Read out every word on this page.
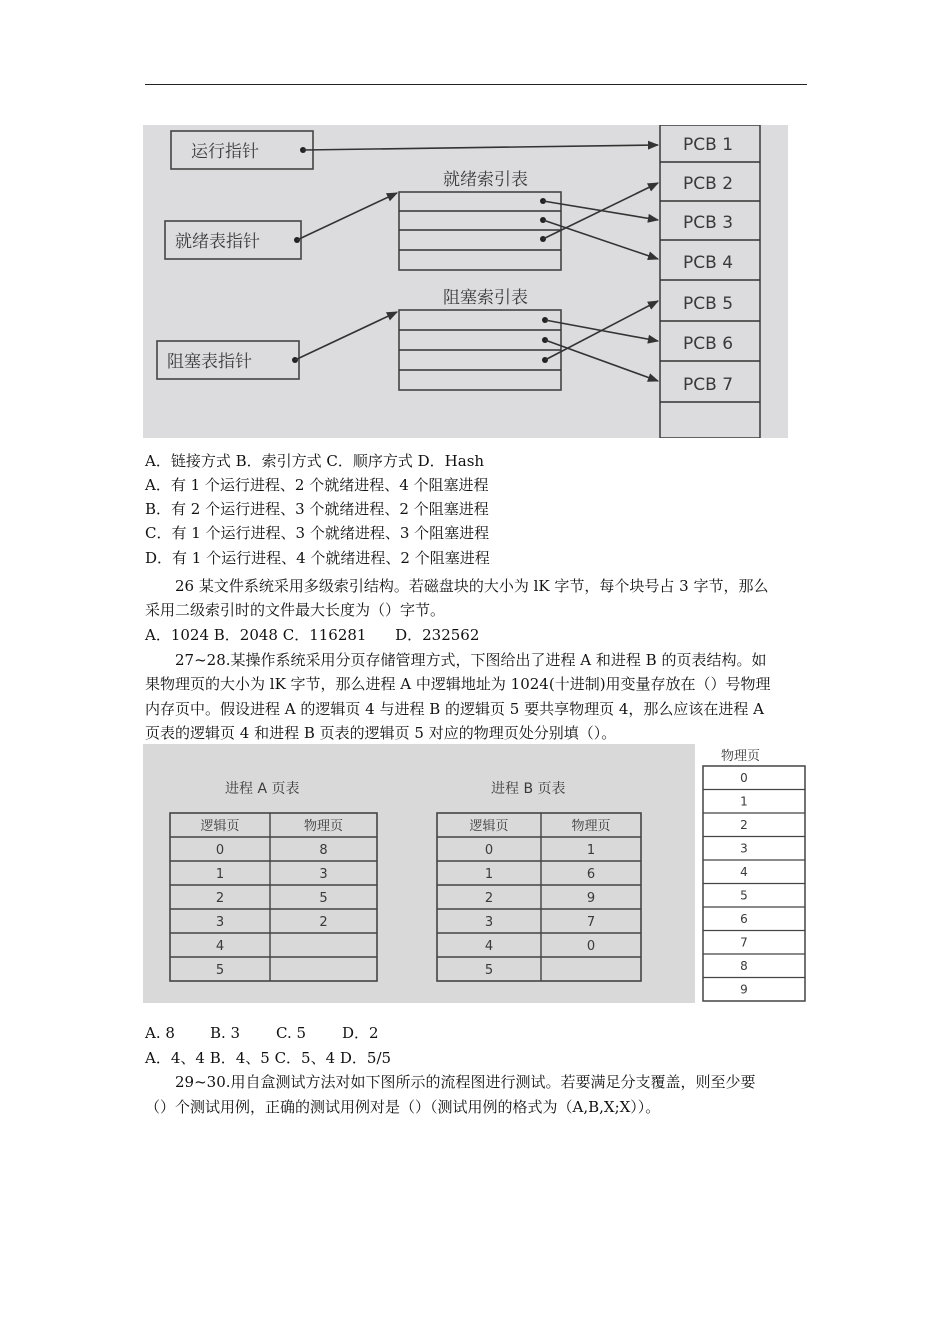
运行指针
就绪表指针
阻塞表指针
就绪索引表
阻塞索引表
PCB 1
PCB 2
PCB 3
PCB 4
PCB 5
PCB 6
PCB 7
A．链接方式 B．索引方式 C．顺序方式 D．Hash
A．有 1 个运行进程、2 个就绪进程、4 个阻塞进程
B．有 2 个运行进程、3 个就绪进程、2 个阻塞进程
C．有 1 个运行进程、3 个就绪进程、3 个阻塞进程
D．有 1 个运行进程、4 个就绪进程、2 个阻塞进程
26 某文件系统采用多级索引结构。若磁盘块的大小为 lK 字节，每个块号占 3 字节，那么
采用二级索引时的文件最大长度为（）字节。
A．1024 B．2048 C．116281      D．232562
27~28.某操作系统采用分页存储管理方式，下图给出了进程 A 和进程 B 的页表结构。如
果物理页的大小为 lK 字节，那么进程 A 中逻辑地址为 1024(十进制)用变量存放在（）号物理
内存页中。假设进程 A 的逻辑页 4 与进程 B 的逻辑页 5 要共享物理页 4，那么应该在进程 A
页表的逻辑页 4 和进程 B 页表的逻辑页 5 对应的物理页处分别填（）。
进程 A 页表	进程 B 页表
逻辑页	物理页
0	8
1	3
2	5
3	2
4
5
逻辑页	物理页
0	1
1	6
2	9
3	7
4	0
5
物理页
0
1
2
3
4
5
6
7
8
9
A. 8 B. 3 C. 5 D．2
A．4、4 B．4、5 C．5、4 D．5/5
29~30.用自盒测试方法对如下图所示的流程图进行测试。若要满足分支覆盖，则至少要
（）个测试用例，正确的测试用例对是（）（测试用例的格式为（A,B,X;X））。
